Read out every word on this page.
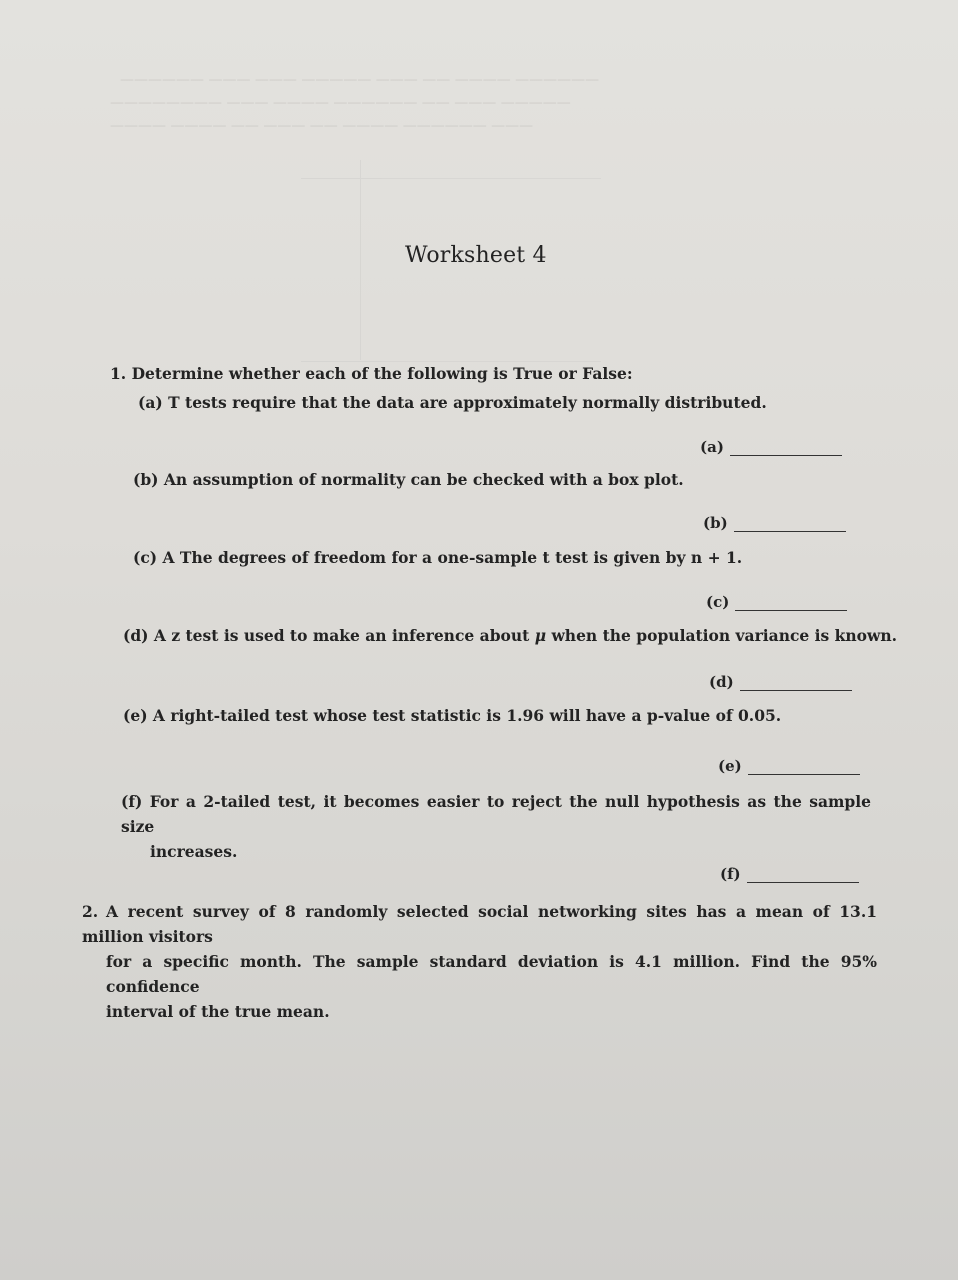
—————— ———— —— ——— ————— ——— ——— ——————
————— ——— —— —————— ———— ——— ————————
——— —————— ———— —— ——— —— ———— ————
Worksheet 4
1. Determine whether each of the following is True or False:
(a) T tests require that the data are approximately normally distributed.
(a)
(b) An assumption of normality can be checked with a box plot.
(b)
(c) A The degrees of freedom for a one-sample t test is given by n + 1.
(c)
(d) A z test is used to make an inference about μ when the population variance is known.
(d)
(e) A right-tailed test whose test statistic is 1.96 will have a p-value of 0.05.
(e)
(f) For a 2-tailed test, it becomes easier to reject the null hypothesis as the sample size
increases.
(f)
2. A recent survey of 8 randomly selected social networking sites has a mean of 13.1 million visitors
for a specific month. The sample standard deviation is 4.1 million. Find the 95% confidence
interval of the true mean.
